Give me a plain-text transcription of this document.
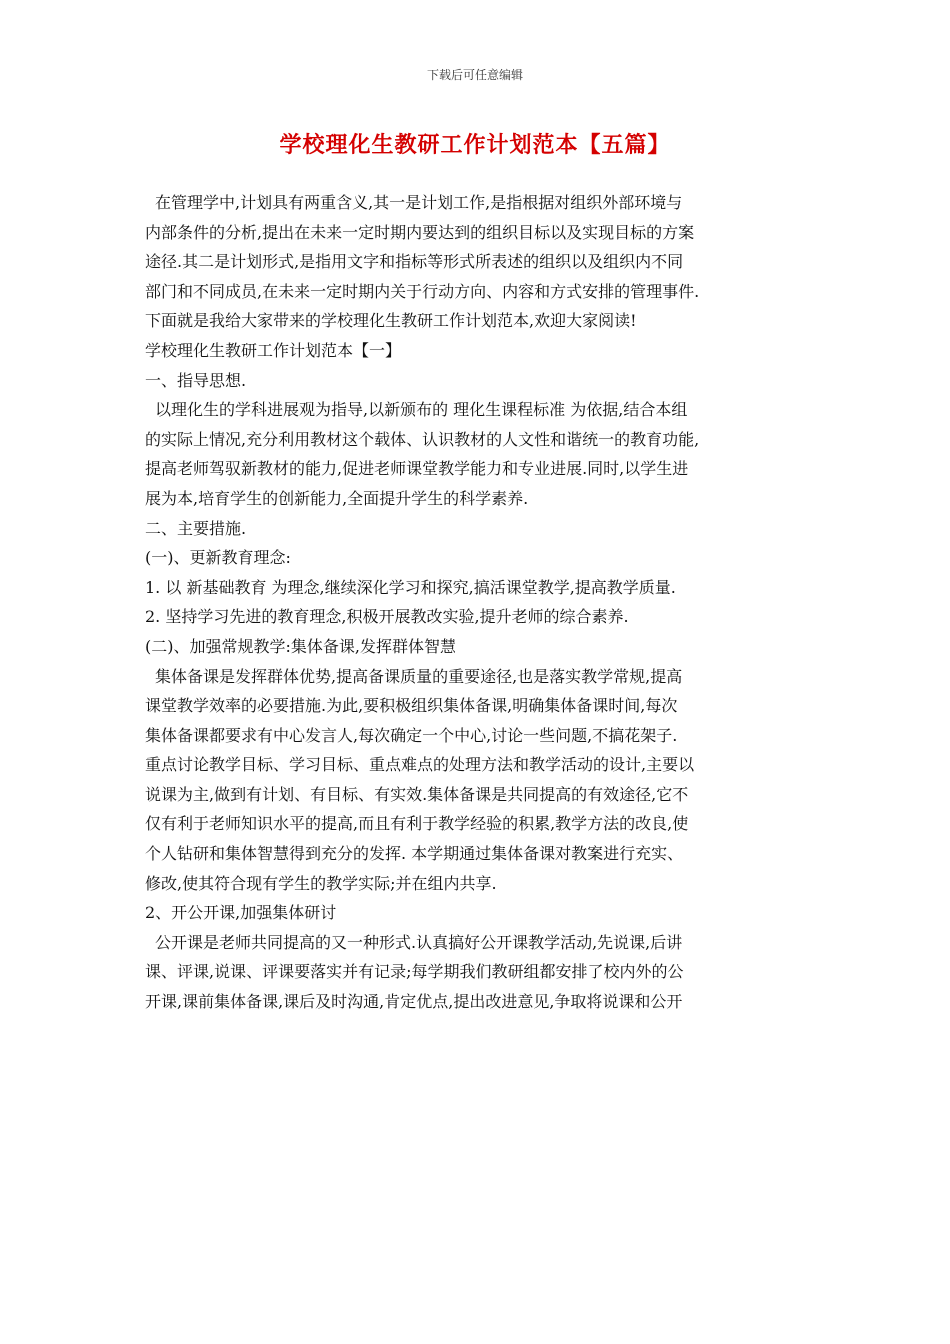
下载后可任意编辑
学校理化生教研工作计划范本【五篇】

在管理学中,计划具有两重含义,其一是计划工作,是指根据对组织外部环境与

内部条件的分析,提出在未来一定时期内要达到的组织目标以及实现目标的方案

途径.其二是计划形式,是指用文字和指标等形式所表述的组织以及组织内不同

部门和不同成员,在未来一定时期内关于行动方向、内容和方式安排的管理事件.

下面就是我给大家带来的学校理化生教研工作计划范本,欢迎大家阅读!

学校理化生教研工作计划范本【一】

一、指导思想.

以理化生的学科进展观为指导,以新颁布的 理化生课程标准 为依据,结合本组

的实际上情况,充分利用教材这个载体、认识教材的人文性和谐统一的教育功能,

提高老师驾驭新教材的能力,促进老师课堂教学能力和专业进展.同时,以学生进

展为本,培育学生的创新能力,全面提升学生的科学素养.

二、主要措施.

(一)、更新教育理念:

1. 以 新基础教育 为理念,继续深化学习和探究,搞活课堂教学,提高教学质量.

2. 坚持学习先进的教育理念,积极开展教改实验,提升老师的综合素养.

(二)、加强常规教学:集体备课,发挥群体智慧

集体备课是发挥群体优势,提高备课质量的重要途径,也是落实教学常规,提高

课堂教学效率的必要措施.为此,要积极组织集体备课,明确集体备课时间,每次

集体备课都要求有中心发言人,每次确定一个中心,讨论一些问题,不搞花架子.

重点讨论教学目标、学习目标、重点难点的处理方法和教学活动的设计,主要以

说课为主,做到有计划、有目标、有实效.集体备课是共同提高的有效途径,它不

仅有利于老师知识水平的提高,而且有利于教学经验的积累,教学方法的改良,使

个人钻研和集体智慧得到充分的发挥. 本学期通过集体备课对教案进行充实、

修改,使其符合现有学生的教学实际;并在组内共享.

2、开公开课,加强集体研讨

公开课是老师共同提高的又一种形式.认真搞好公开课教学活动,先说课,后讲

课、评课,说课、评课要落实并有记录;每学期我们教研组都安排了校内外的公

开课,课前集体备课,课后及时沟通,肯定优点,提出改进意见,争取将说课和公开
